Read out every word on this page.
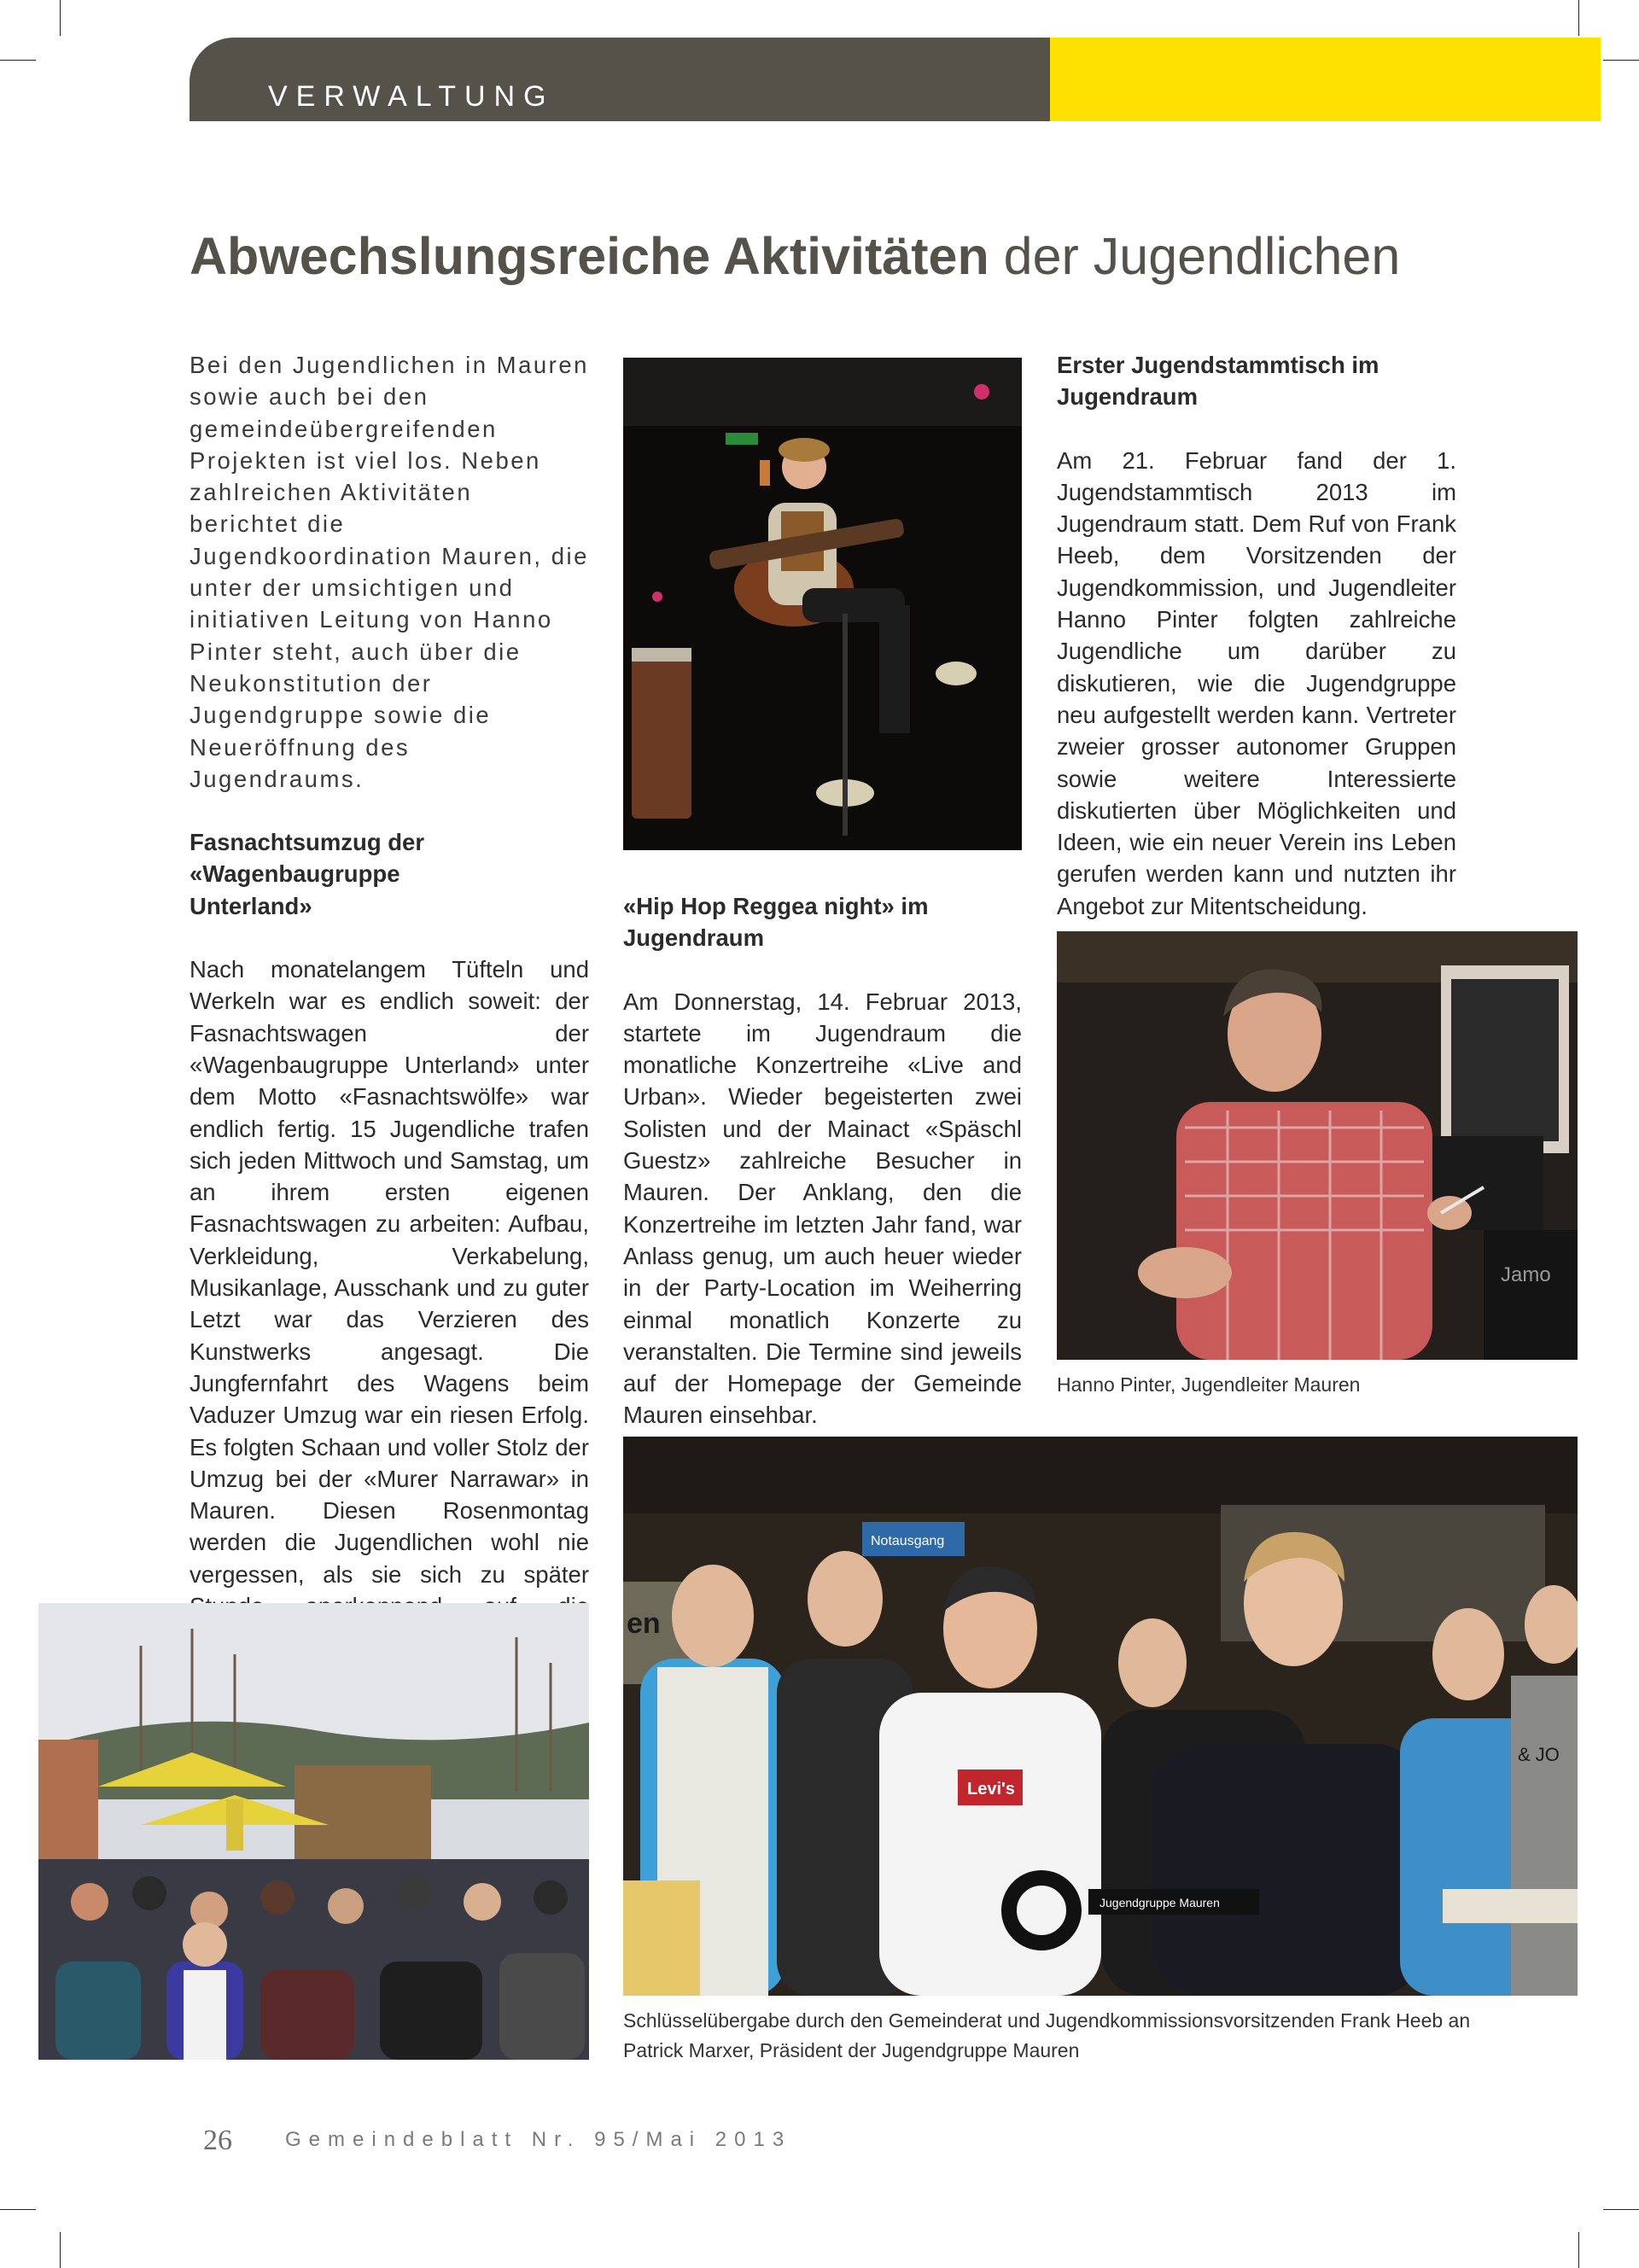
VERWALTUNG
Abwechslungsreiche Aktivitäten der Jugendlichen

Bei den Jugendlichen in Mauren sowie auch bei den gemeindeübergreifenden Projekten ist viel los. Neben zahlreichen Aktivitäten berichtet die Jugendkoordination Mauren, die unter der umsichtigen und initiativen Leitung von Hanno Pinter steht, auch über die Neukonstitution der Jugendgruppe sowie die Neueröffnung des Jugendraums.

Fasnachtsumzug der «Wagenbaugruppe Unterland»

Nach monatelangem Tüfteln und Werkeln war es endlich soweit: der Fasnachtswagen der «Wagenbaugruppe Unterland» unter dem Motto «Fasnachtswölfe» war endlich fertig. 15 Jugendliche trafen sich jeden Mittwoch und Samstag, um an ihrem ersten eigenen Fasnachtswagen zu arbeiten: Aufbau, Verkleidung, Verkabelung, Musikanlage, Ausschank und zu guter Letzt war das Verzieren des Kunstwerks angesagt. Die Jungfernfahrt des Wagens beim Vaduzer Umzug war ein riesen Erfolg. Es folgten Schaan und voller Stolz der Umzug bei der «Murer Narrawar» in Mauren. Diesen Rosenmontag werden die Jugendlichen wohl nie vergessen, als sie sich zu später

«Hip Hop Reggea night» im Jugendraum

Am Donnerstag, 14. Februar 2013, startete im Jugendraum die monatliche Konzertreihe «Live and Urban». Wieder begeisterten zwei Solisten und der Mainact «Späschl Guestz» zahlreiche Besucher in Mauren. Der Anklang, den die Konzertreihe im letzten Jahr fand, war Anlass genug, um auch heuer wieder in der Party-Location im Weiherring einmal monatlich Konzerte zu veranstalten. Die Termine sind jeweils auf der Homepage der Gemeinde Mauren einsehbar.

Erster Jugendstammtisch im Jugendraum

Am 21. Februar fand der 1. Jugendstammtisch 2013 im Jugendraum statt. Dem Ruf von Frank Heeb, dem Vorsitzenden der Jugendkommission, und Jugendleiter Hanno Pinter folgten zahlreiche Jugendliche um darüber zu diskutieren, wie die Jugendgruppe neu aufgestellt werden kann. Vertreter zweier grosser autonomer Gruppen sowie weitere Interessierte diskutierten über Möglichkeiten und Ideen, wie ein neuer Verein ins Leben gerufen werden kann und nutzten ihr Angebot zur Mitentscheidung.

Jamo
Hanno Pinter, Jugendleiter Mauren
en
Notausgang
Levi's
& JO
Jugendgruppe Mauren
Schlüsselübergabe durch den Gemeinderat und Jugendkommissionsvorsitzenden Frank Heeb an Patrick Marxer, Präsident der Jugendgruppe Mauren
26	Gemeindeblatt Nr. 95/Mai 2013
